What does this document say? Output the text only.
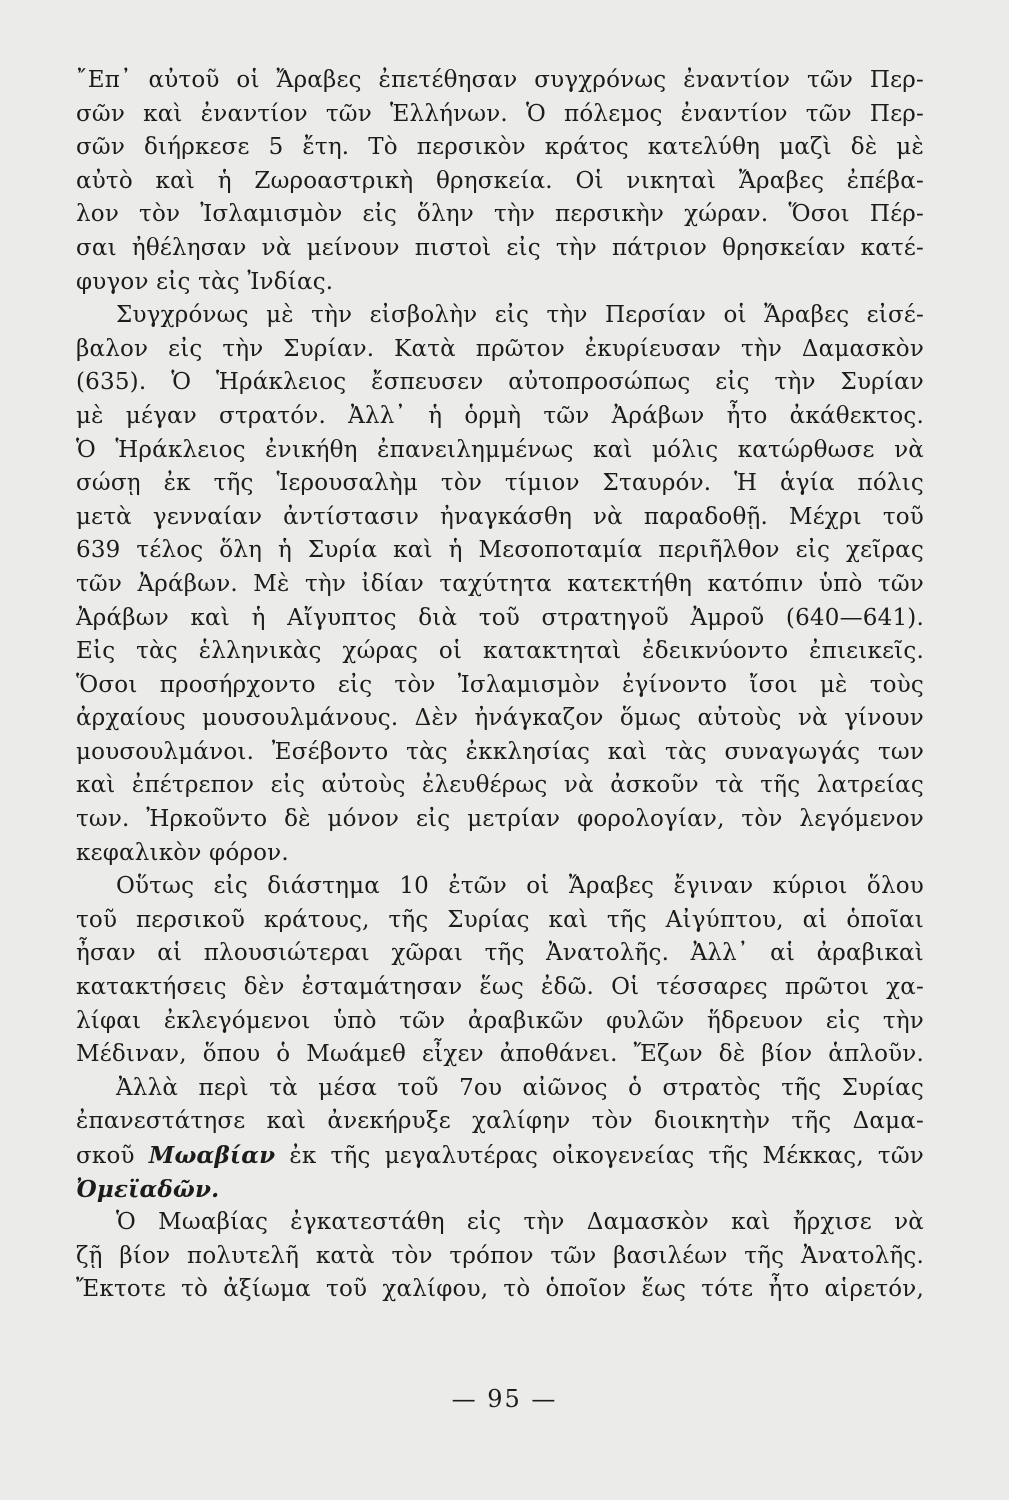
῎Επ᾽ αὐτοῦ οἱ Ἄραβες ἐπετέθησαν συγχρόνως ἐναντίον τῶν Περ-
σῶν καὶ ἐναντίον τῶν Ἑλλήνων. Ὁ πόλεμος ἐναντίον τῶν Περ-
σῶν διήρκεσε 5 ἔτη. Τὸ περσικὸν κράτος κατελύθη μαζὶ δὲ μὲ
αὐτὸ καὶ ἡ Ζωροαστρικὴ θρησκεία. Οἱ νικηταὶ Ἄραβες ἐπέβα-
λον τὸν Ἰσλαμισμὸν εἰς ὅλην τὴν περσικὴν χώραν. Ὅσοι Πέρ-
σαι ἠθέλησαν νὰ μείνουν πιστοὶ εἰς τὴν πάτριον θρησκείαν κατέ-
φυγον εἰς τὰς Ἰνδίας.
Συγχρόνως μὲ τὴν εἰσβολὴν εἰς τὴν Περσίαν οἱ Ἄραβες εἰσέ-
βαλον εἰς τὴν Συρίαν. Κατὰ πρῶτον ἐκυρίευσαν τὴν Δαμασκὸν
(635). Ὁ Ἡράκλειος ἔσπευσεν αὐτοπροσώπως εἰς τὴν Συρίαν
μὲ μέγαν στρατόν. Ἀλλ᾽ ἡ ὁρμὴ τῶν Ἀράβων ἦτο ἀκάθεκτος.
Ὁ Ἡράκλειος ἐνικήθη ἐπανειλημμένως καὶ μόλις κατώρθωσε νὰ
σώσῃ ἐκ τῆς Ἱερουσαλὴμ τὸν τίμιον Σταυρόν. Ἡ ἁγία πόλις
μετὰ γενναίαν ἀντίστασιν ἠναγκάσθη νὰ παραδοθῇ. Μέχρι τοῦ
639 τέλος ὅλη ἡ Συρία καὶ ἡ Μεσοποταμία περιῆλθον εἰς χεῖρας
τῶν Ἀράβων. Μὲ τὴν ἰδίαν ταχύτητα κατεκτήθη κατόπιν ὑπὸ τῶν
Ἀράβων καὶ ἡ Αἴγυπτος διὰ τοῦ στρατηγοῦ Ἀμροῦ (640—641).
Εἰς τὰς ἑλληνικὰς χώρας οἱ κατακτηταὶ ἐδεικνύοντο ἐπιεικεῖς.
Ὅσοι προσήρχοντο εἰς τὸν Ἰσλαμισμὸν ἐγίνοντο ἴσοι μὲ τοὺς
ἀρχαίους μουσουλμάνους. Δὲν ἠνάγκαζον ὅμως αὐτοὺς νὰ γίνουν
μουσουλμάνοι. Ἐσέβοντο τὰς ἐκκλησίας καὶ τὰς συναγωγάς των
καὶ ἐπέτρεπον εἰς αὐτοὺς ἐλευθέρως νὰ ἀσκοῦν τὰ τῆς λατρείας
των. Ἠρκοῦντο δὲ μόνον εἰς μετρίαν φορολογίαν, τὸν λεγόμενον
κεφαλικὸν φόρον.
Οὕτως εἰς διάστημα 10 ἐτῶν οἱ Ἄραβες ἔγιναν κύριοι ὅλου
τοῦ περσικοῦ κράτους, τῆς Συρίας καὶ τῆς Αἰγύπτου, αἱ ὁποῖαι
ἦσαν αἱ πλουσιώτεραι χῶραι τῆς Ἀνατολῆς. Ἀλλ᾽ αἱ ἀραβικαὶ
κατακτήσεις δὲν ἐσταμάτησαν ἕως ἐδῶ. Οἱ τέσσαρες πρῶτοι χα-
λίφαι ἐκλεγόμενοι ὑπὸ τῶν ἀραβικῶν φυλῶν ἥδρευον εἰς τὴν
Μέδιναν, ὅπου ὁ Μωάμεθ εἶχεν ἀποθάνει. Ἔζων δὲ βίον ἁπλοῦν.
Ἀλλὰ περὶ τὰ μέσα τοῦ 7ου αἰῶνος ὁ στρατὸς τῆς Συρίας
ἐπανεστάτησε καὶ ἀνεκήρυξε χαλίφην τὸν διοικητὴν τῆς Δαμα-
σκοῦ Μωαβίαν ἐκ τῆς μεγαλυτέρας οἰκογενείας τῆς Μέκκας, τῶν
Ὀμεϊαδῶν.
Ὁ Μωαβίας ἐγκατεστάθη εἰς τὴν Δαμασκὸν καὶ ἤρχισε νὰ
ζῇ βίον πολυτελῆ κατὰ τὸν τρόπον τῶν βασιλέων τῆς Ἀνατολῆς.
Ἔκτοτε τὸ ἀξίωμα τοῦ χαλίφου, τὸ ὁποῖον ἕως τότε ἦτο αἱρετόν,
— 95 —
